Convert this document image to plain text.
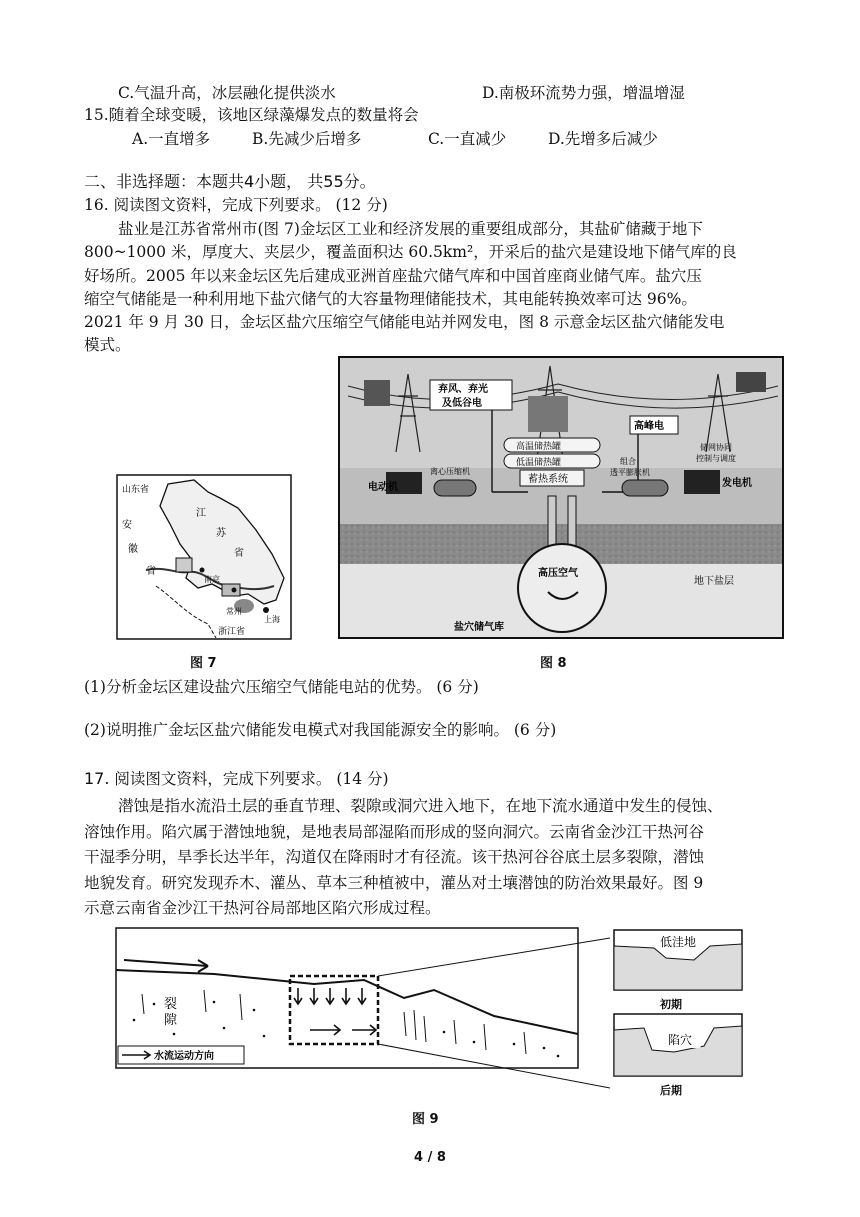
C.气温升高，冰层融化提供淡水	D.南极环流势力强，增温增湿
15.随着全球变暖，该地区绿藻爆发点的数量将会
A.一直增多	B.先减少后增多	C.一直减少	D.先增多后减少
二、非选择题：本题共4小题， 共55分。
16. 阅读图文资料，完成下列要求。 (12 分)
盐业是江苏省常州市(图 7)金坛区工业和经济发展的重要组成部分，其盐矿储藏于地下
800~1000 米，厚度大、夹层少，覆盖面积达 60.5km²，开采后的盐穴是建设地下储气库的良
好场所。2005 年以来金坛区先后建成亚洲首座盐穴储气库和中国首座商业储气库。盐穴压
缩空气储能是一种利用地下盐穴储气的大容量物理储能技术，其电能转换效率可达 96%。
2021 年 9 月 30 日，金坛区盐穴压缩空气储能电站并网发电，图 8 示意金坛区盐穴储能发电
模式。
山东省
江
苏
省
安
徽
省
南京
常州
上海
浙江省
图 7
弃风、弃光
及低谷电
高峰电
高温储热罐
低温储热罐
蓄热系统
电动机
离心压缩机
组合
透平膨胀机
发电机
储网协同
控制与调度
高压空气
地下盐层
盐穴储气库
图 8
(1)分析金坛区建设盐穴压缩空气储能电站的优势。 (6 分)
(2)说明推广金坛区盐穴储能发电模式对我国能源安全的影响。 (6 分)
17. 阅读图文资料，完成下列要求。 (14 分)
潜蚀是指水流沿土层的垂直节理、裂隙或洞穴进入地下，在地下流水通道中发生的侵蚀、
溶蚀作用。陷穴属于潜蚀地貌，是地表局部湿陷而形成的竖向洞穴。云南省金沙江干热河谷
干湿季分明，旱季长达半年，沟道仅在降雨时才有径流。该干热河谷谷底土层多裂隙，潜蚀
地貌发育。研究发现乔木、灌丛、草本三种植被中，灌丛对土壤潜蚀的防治效果最好。图 9
示意云南省金沙江干热河谷局部地区陷穴形成过程。
裂
隙
水流运动方向
低洼地
初期
陷穴
后期
图 9
4 / 8
